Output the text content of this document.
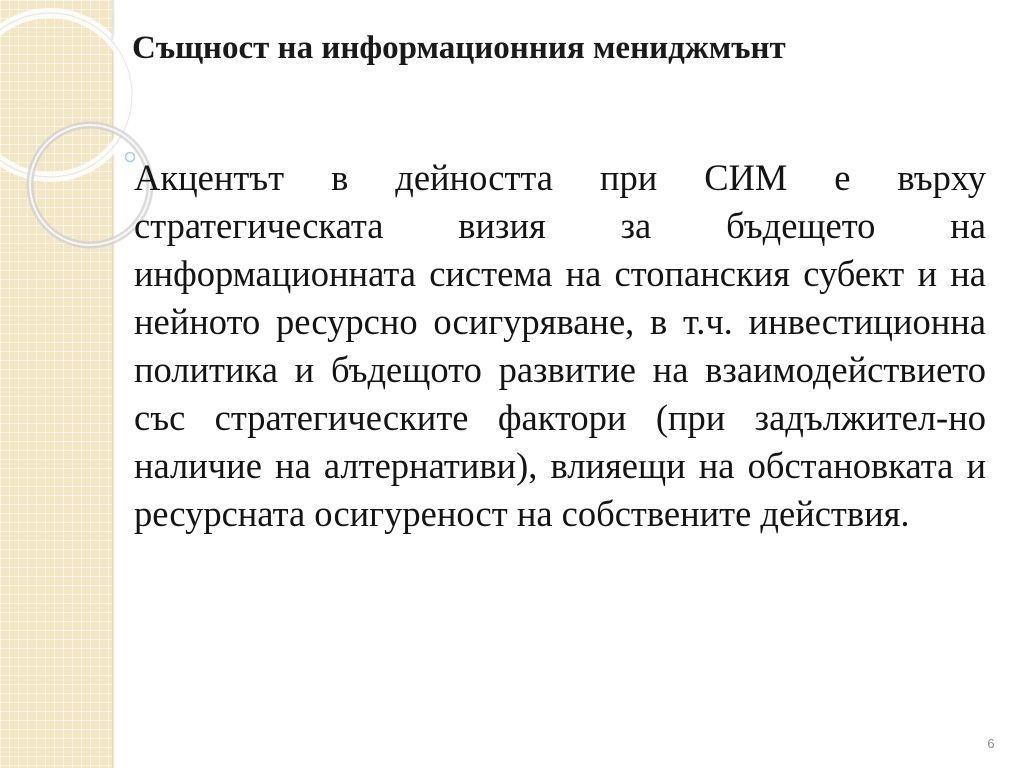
Същност на информационния мениджмънт

Акцентът в дейността при СИМ е върху стратегическата визия за бъдещето на информационната система на стопанския субект и на нейното ресурсно осигуряване, в т.ч. инвестиционна политика и бъдещото развитие на взаимодействието със стратегическите фактори (при задължител-но наличие на алтернативи), влияещи на обстановката и ресурсната осигуреност на собствените действия.

6
